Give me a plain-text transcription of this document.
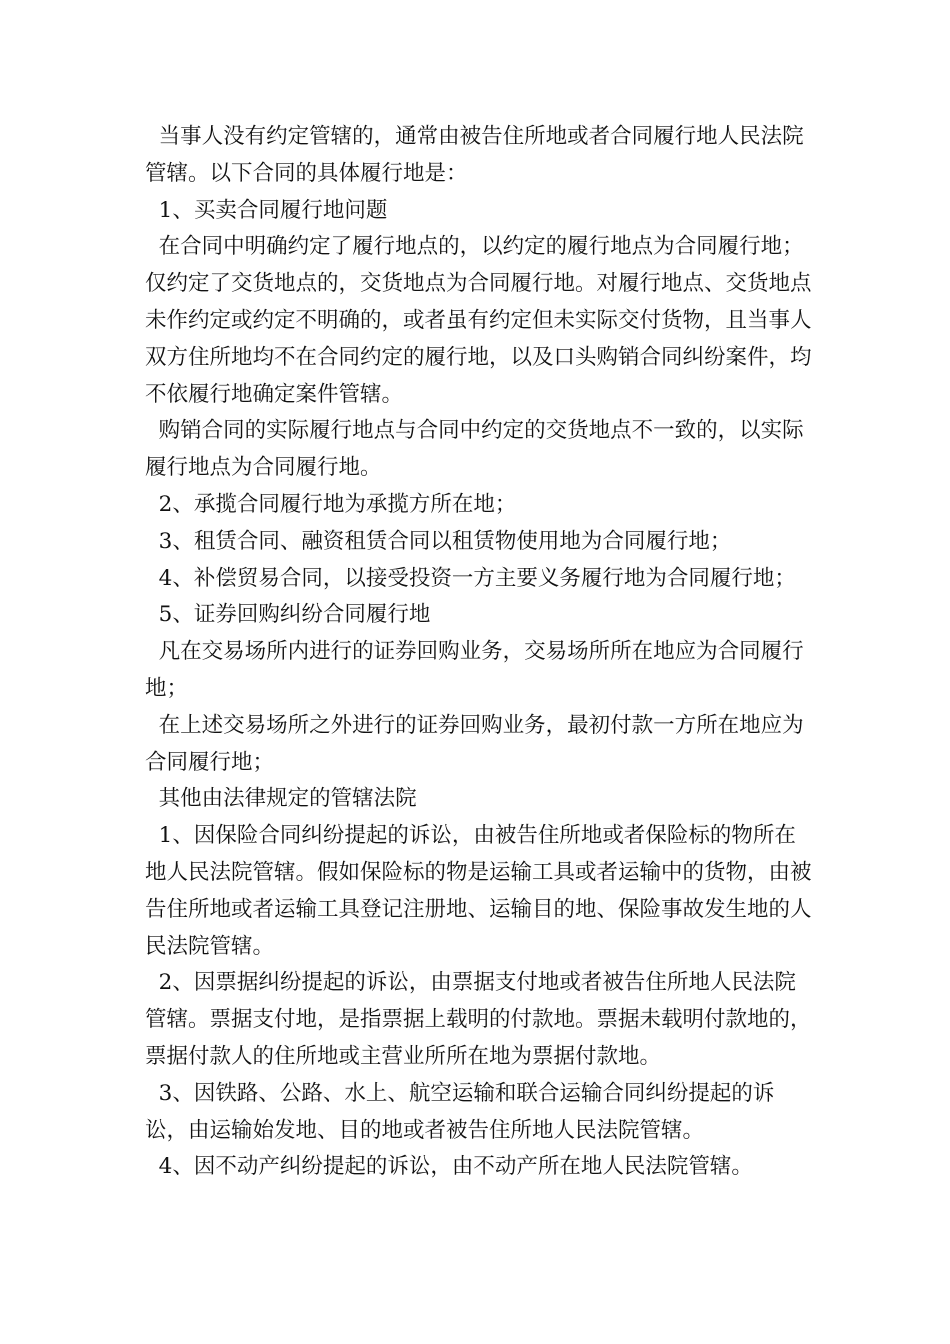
当事人没有约定管辖的，通常由被告住所地或者合同履行地人民法院管辖。以下合同的具体履行地是：

1、买卖合同履行地问题

在合同中明确约定了履行地点的，以约定的履行地点为合同履行地；仅约定了交货地点的，交货地点为合同履行地。对履行地点、交货地点未作约定或约定不明确的，或者虽有约定但未实际交付货物，且当事人双方住所地均不在合同约定的履行地，以及口头购销合同纠纷案件，均不依履行地确定案件管辖。

购销合同的实际履行地点与合同中约定的交货地点不一致的，以实际履行地点为合同履行地。

2、承揽合同履行地为承揽方所在地；

3、租赁合同、融资租赁合同以租赁物使用地为合同履行地；

4、补偿贸易合同，以接受投资一方主要义务履行地为合同履行地；

5、证券回购纠纷合同履行地

凡在交易场所内进行的证券回购业务，交易场所所在地应为合同履行地；

在上述交易场所之外进行的证券回购业务，最初付款一方所在地应为合同履行地；

其他由法律规定的管辖法院

1、因保险合同纠纷提起的诉讼，由被告住所地或者保险标的物所在地人民法院管辖。假如保险标的物是运输工具或者运输中的货物，由被告住所地或者运输工具登记注册地、运输目的地、保险事故发生地的人民法院管辖。

2、因票据纠纷提起的诉讼，由票据支付地或者被告住所地人民法院管辖。票据支付地，是指票据上载明的付款地。票据未载明付款地的，票据付款人的住所地或主营业所所在地为票据付款地。

3、因铁路、公路、水上、航空运输和联合运输合同纠纷提起的诉讼，由运输始发地、目的地或者被告住所地人民法院管辖。

4、因不动产纠纷提起的诉讼，由不动产所在地人民法院管辖。
